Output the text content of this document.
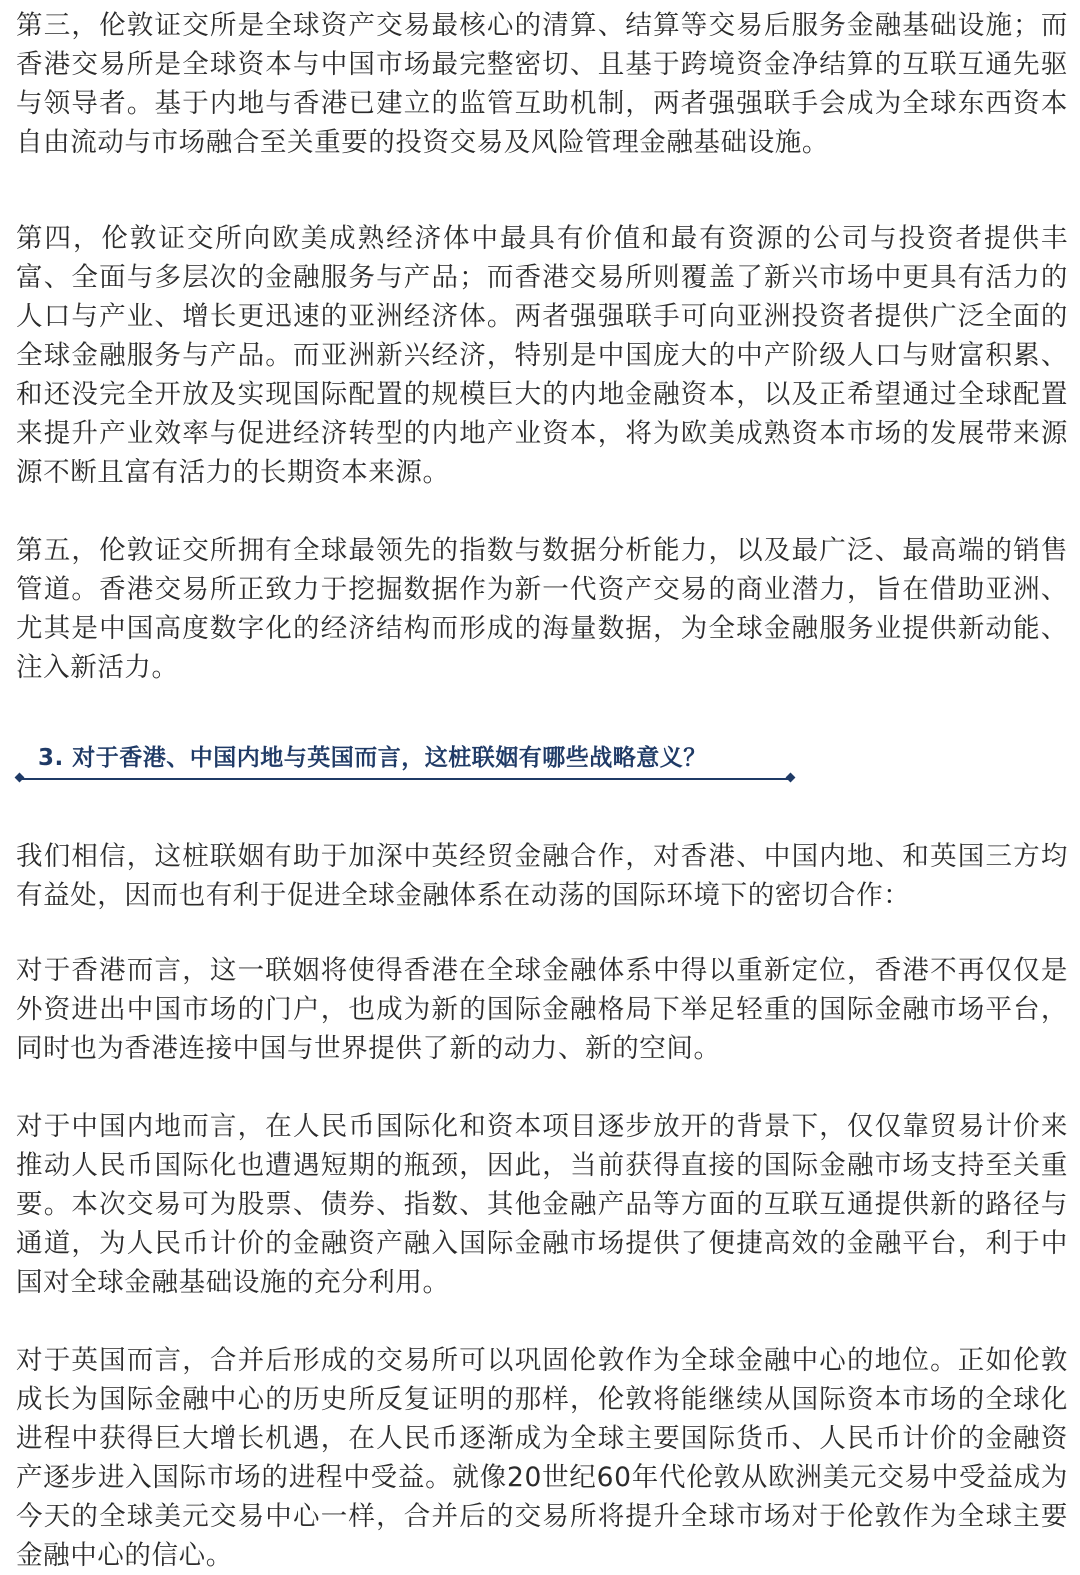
第三，伦敦证交所是全球资产交易最核心的清算、结算等交易后服务金融基础设施；而香港交易所是全球资本与中国市场最完整密切、且基于跨境资金净结算的互联互通先驱与领导者。基于内地与香港已建立的监管互助机制，两者强强联手会成为全球东西资本自由流动与市场融合至关重要的投资交易及风险管理金融基础设施。

第四，伦敦证交所向欧美成熟经济体中最具有价值和最有资源的公司与投资者提供丰富、全面与多层次的金融服务与产品；而香港交易所则覆盖了新兴市场中更具有活力的人口与产业、增长更迅速的亚洲经济体。两者强强联手可向亚洲投资者提供广泛全面的全球金融服务与产品。而亚洲新兴经济，特别是中国庞大的中产阶级人口与财富积累、和还没完全开放及实现国际配置的规模巨大的内地金融资本，以及正希望通过全球配置来提升产业效率与促进经济转型的内地产业资本，将为欧美成熟资本市场的发展带来源源不断且富有活力的长期资本来源。

第五，伦敦证交所拥有全球最领先的指数与数据分析能力，以及最广泛、最高端的销售管道。香港交易所正致力于挖掘数据作为新一代资产交易的商业潜力，旨在借助亚洲、尤其是中国高度数字化的经济结构而形成的海量数据，为全球金融服务业提供新动能、注入新活力。

3. 对于香港、中国内地与英国而言，这桩联姻有哪些战略意义？

我们相信，这桩联姻有助于加深中英经贸金融合作，对香港、中国内地、和英国三方均有益处，因而也有利于促进全球金融体系在动荡的国际环境下的密切合作：

对于香港而言，这一联姻将使得香港在全球金融体系中得以重新定位，香港不再仅仅是外资进出中国市场的门户，也成为新的国际金融格局下举足轻重的国际金融市场平台，同时也为香港连接中国与世界提供了新的动力、新的空间。

对于中国内地而言，在人民币国际化和资本项目逐步放开的背景下，仅仅靠贸易计价来推动人民币国际化也遭遇短期的瓶颈，因此，当前获得直接的国际金融市场支持至关重要。本次交易可为股票、债券、指数、其他金融产品等方面的互联互通提供新的路径与通道，为人民币计价的金融资产融入国际金融市场提供了便捷高效的金融平台，利于中国对全球金融基础设施的充分利用。

对于英国而言，合并后形成的交易所可以巩固伦敦作为全球金融中心的地位。正如伦敦成长为国际金融中心的历史所反复证明的那样，伦敦将能继续从国际资本市场的全球化进程中获得巨大增长机遇，在人民币逐渐成为全球主要国际货币、人民币计价的金融资产逐步进入国际市场的进程中受益。就像20世纪60年代伦敦从欧洲美元交易中受益成为今天的全球美元交易中心一样，合并后的交易所将提升全球市场对于伦敦作为全球主要金融中心的信心。
